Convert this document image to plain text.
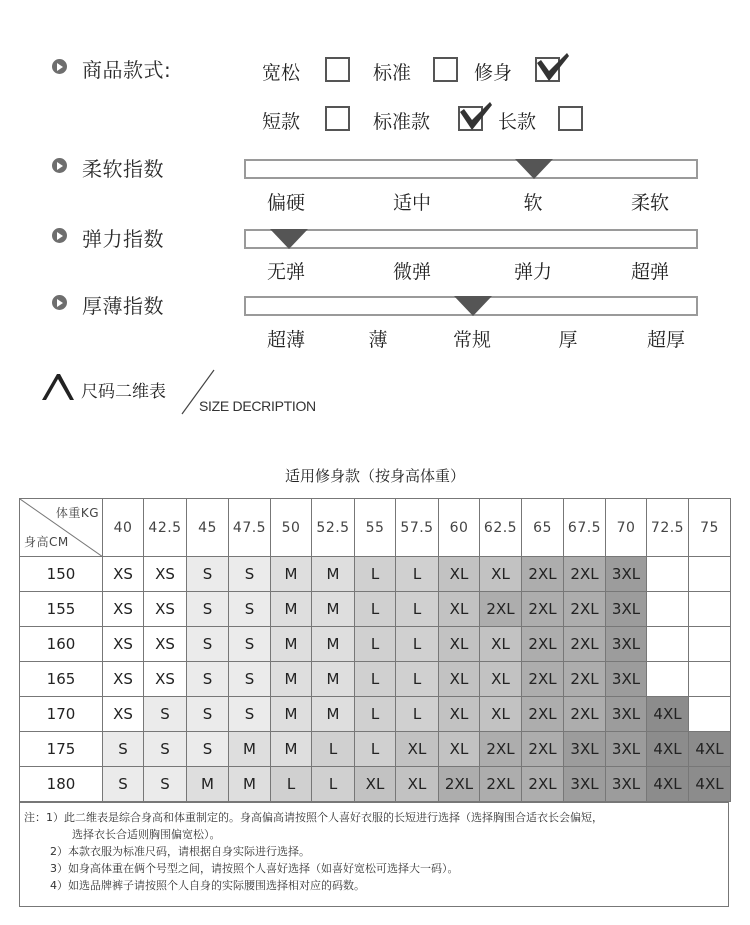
商品款式:	宽松	标准	修身
短款	标准款	长款
柔软指数
偏硬	适中	软	柔软
弹力指数
无弹	微弹	弹力	超弹
厚薄指数
超薄	薄	常规	厚	超厚
尺码二维表
SIZE DECRIPTION
适用修身款（按身高体重）
体重KG
身高CM	40	42.5	45	47.5	50	52.5	55	57.5	60	62.5	65	67.5	70	72.5	75
150	XS	XS	S	S	M	M	L	L	XL	XL	2XL	2XL	3XL		
155	XS	XS	S	S	M	M	L	L	XL	2XL	2XL	2XL	3XL		
160	XS	XS	S	S	M	M	L	L	XL	XL	2XL	2XL	3XL		
165	XS	XS	S	S	M	M	L	L	XL	XL	2XL	2XL	3XL		
170	XS	S	S	S	M	M	L	L	XL	XL	2XL	2XL	3XL	4XL	
175	S	S	S	M	M	L	L	XL	XL	2XL	2XL	3XL	3XL	4XL	4XL
180	S	S	M	M	L	L	XL	XL	2XL	2XL	2XL	3XL	3XL	4XL	4XL
注：1）此二维表是综合身高和体重制定的。身高偏高请按照个人喜好衣服的长短进行选择（选择胸围合适衣长会偏短，
选择衣长合适则胸围偏宽松）。
2）本款衣服为标准尺码，请根据自身实际进行选择。
3）如身高体重在俩个号型之间，请按照个人喜好选择（如喜好宽松可选择大一码）。
4）如选品牌裤子请按照个人自身的实际腰围选择相对应的码数。
